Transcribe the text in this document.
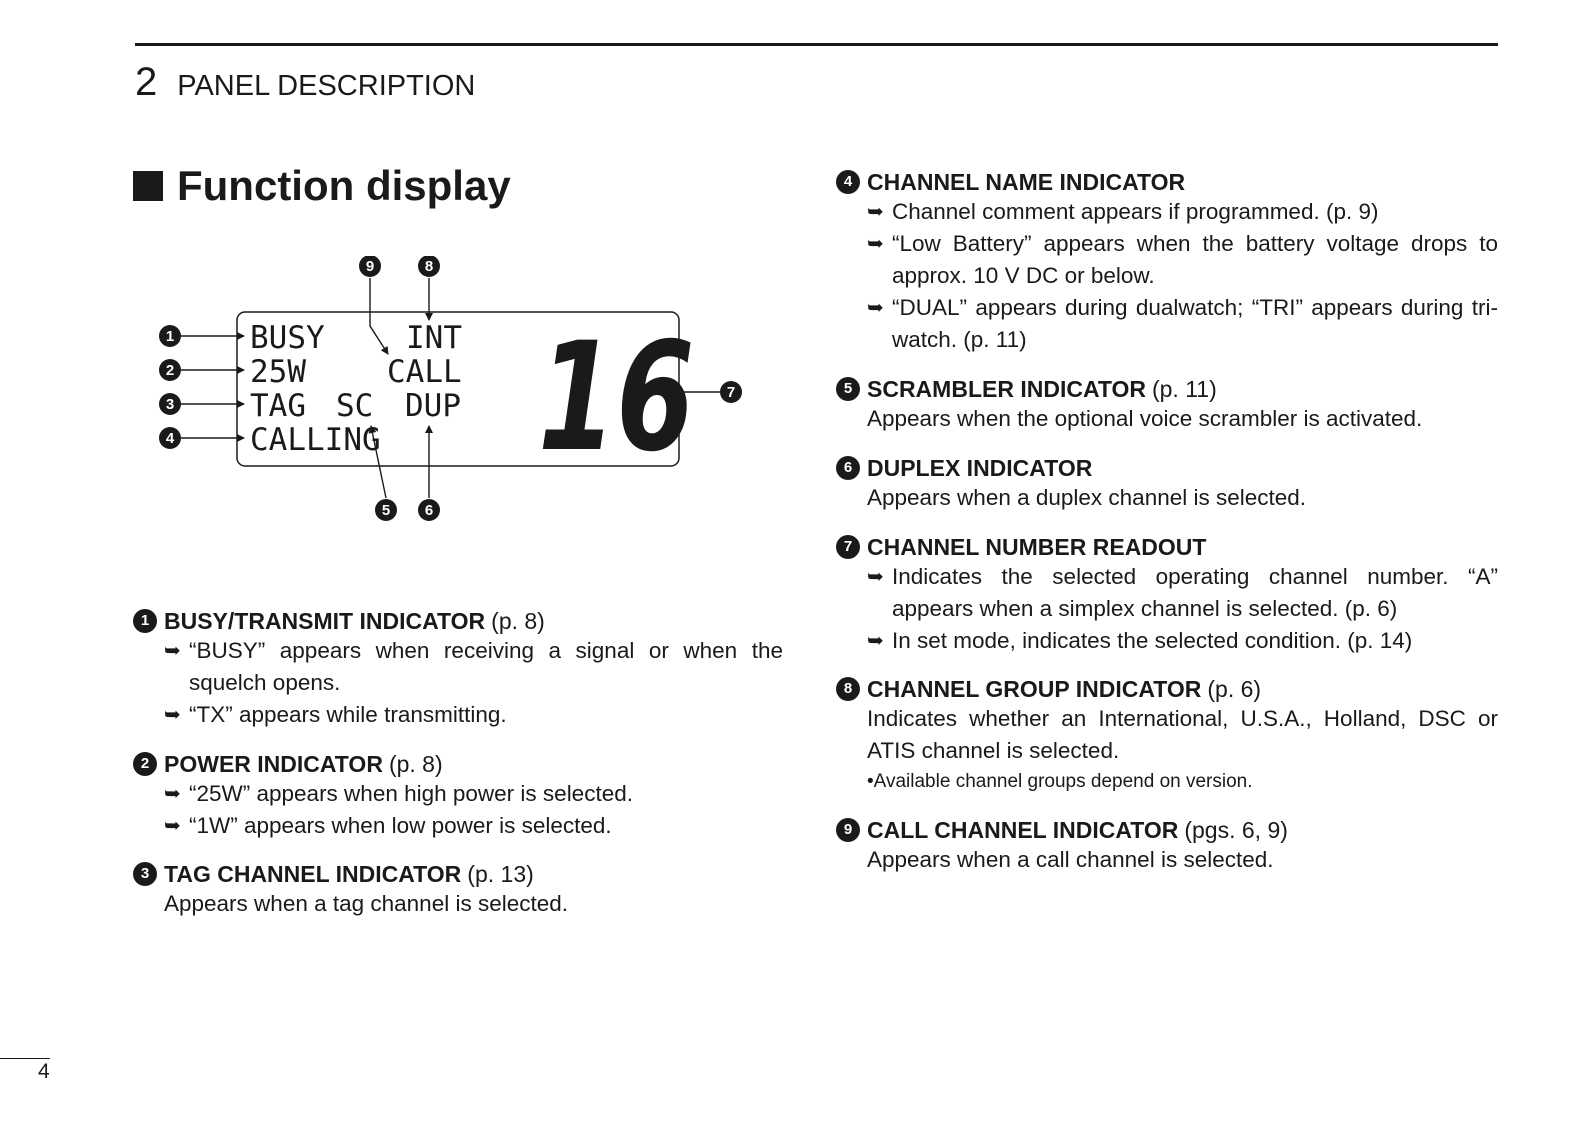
2 PANEL DESCRIPTION
Function display
BUSY
25W
TAG SC
CALLING
INT
CALL
DUP 16
1
2
3
4
5 6
7
8
9
1 BUSY/TRANSMIT INDICATOR (p. 8)
➥ “BUSY” appears when receiving a signal or when the squelch opens.
➥ “TX” appears while transmitting.
2 POWER INDICATOR (p. 8)
➥ “25W” appears when high power is selected.
➥ “1W” appears when low power is selected.
3 TAG CHANNEL INDICATOR (p. 13)
Appears when a tag channel is selected.
4 CHANNEL NAME INDICATOR
➥ Channel comment appears if programmed. (p. 9)
➥ “Low Battery” appears when the battery voltage drops to approx. 10 V DC or below.
➥ “DUAL” appears during dualwatch; “TRI” appears during tri-watch. (p. 11)
5 SCRAMBLER INDICATOR (p. 11)
Appears when the optional voice scrambler is activated.
6 DUPLEX INDICATOR
Appears when a duplex channel is selected.
7 CHANNEL NUMBER READOUT
➥ Indicates the selected operating channel number. “A” appears when a simplex channel is selected. (p. 6)
➥ In set mode, indicates the selected condition. (p. 14)
8 CHANNEL GROUP INDICATOR (p. 6)
Indicates whether an International, U.S.A., Holland, DSC or ATIS channel is selected.
•Available channel groups depend on version.
9 CALL CHANNEL INDICATOR (pgs. 6, 9)
Appears when a call channel is selected.
4
